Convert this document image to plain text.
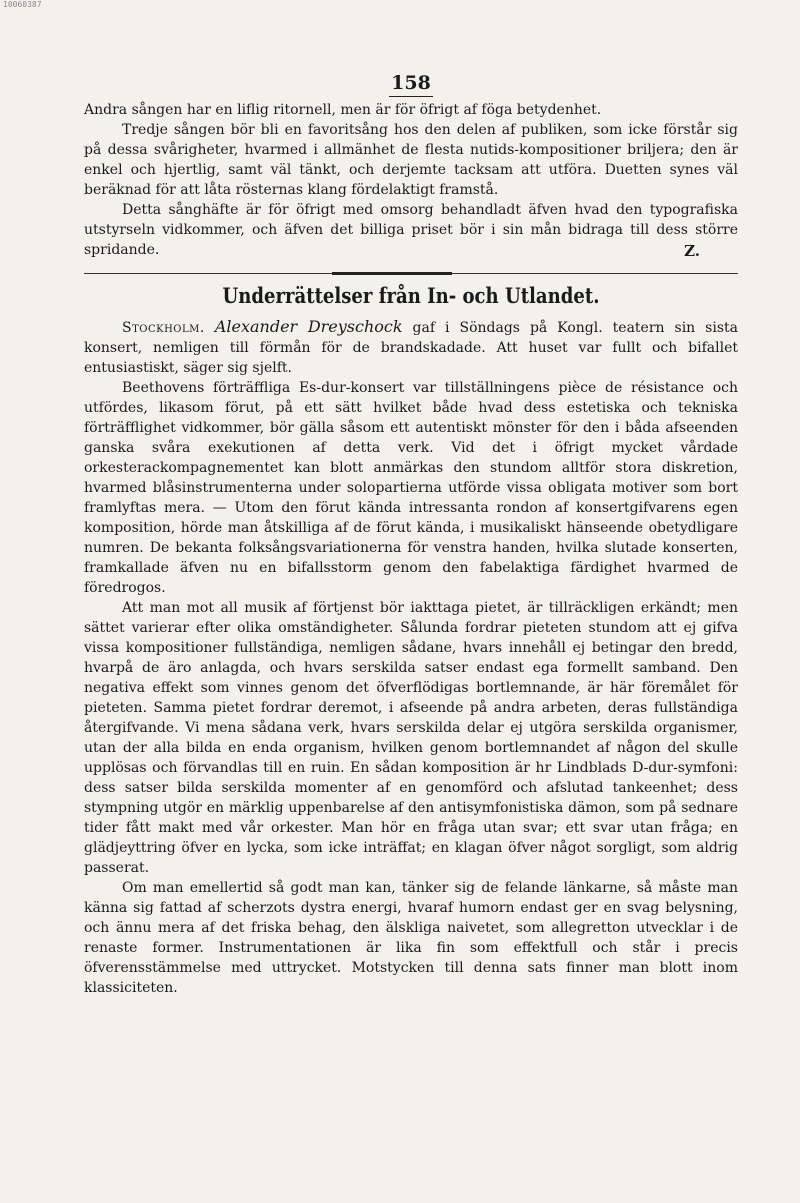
10060387
158

Andra sången har en liflig ritornell, men är för öfrigt af föga betydenhet.

Tredje sången bör bli en favoritsång hos den delen af publiken, som icke förstår sig på dessa svårigheter, hvarmed i allmänhet de flesta nutids-kompositioner briljera; den är enkel och hjertlig, samt väl tänkt, och derjemte tacksam att utföra. Duetten synes väl beräknad för att låta rösternas klang fördelaktigt framstå.

Detta sånghäfte är för öfrigt med omsorg behandladt äfven hvad den typografiska utstyrseln vidkommer, och äfven det billiga priset bör i sin mån bidraga till dess större spridande.	Z.
Underrättelser från In- och Utlandet.

Stockholm. Alexander Dreyschock gaf i Söndags på Kongl. teatern sin sista konsert, nemligen till förmån för de brandskadade. Att huset var fullt och bifallet entusiastiskt, säger sig sjelft.

Beethovens förträffliga Es-dur-konsert var tillställningens pièce de résistance och utfördes, likasom förut, på ett sätt hvilket både hvad dess estetiska och tekniska förträfflighet vidkommer, bör gälla såsom ett autentiskt mönster för den i båda afseenden ganska svåra exekutionen af detta verk. Vid det i öfrigt mycket vårdade orkesterackompagnementet kan blott anmärkas den stundom alltför stora diskretion, hvarmed blåsinstrumenterna under solopartierna utförde vissa obligata motiver som bort framlyftas mera. — Utom den förut kända intressanta rondon af konsertgifvarens egen komposition, hörde man åtskilliga af de förut kända, i musikaliskt hänseende obetydligare numren. De bekanta folksångsvariationerna för venstra handen, hvilka slutade konserten, framkallade äfven nu en bifallsstorm genom den fabelaktiga färdighet hvarmed de föredrogos.

Att man mot all musik af förtjenst bör iakttaga pietet, är tillräckligen erkändt; men sättet varierar efter olika omständigheter. Sålunda fordrar pieteten stundom att ej gifva vissa kompositioner fullständiga, nemligen sådane, hvars innehåll ej betingar den bredd, hvarpå de äro anlagda, och hvars serskilda satser endast ega formellt samband. Den negativa effekt som vinnes genom det öfverflödigas bortlemnande, är här föremålet för pieteten. Samma pietet fordrar deremot, i afseende på andra arbeten, deras fullständiga återgifvande. Vi mena sådana verk, hvars serskilda delar ej utgöra serskilda organismer, utan der alla bilda en enda organism, hvilken genom bortlemnandet af någon del skulle upplösas och förvandlas till en ruin. En sådan komposition är hr Lindblads D-dur-symfoni: dess satser bilda serskilda momenter af en genomförd och afslutad tankeenhet; dess stympning utgör en märklig uppenbarelse af den antisymfonistiska dämon, som på sednare tider fått makt med vår orkester. Man hör en fråga utan svar; ett svar utan fråga; en glädjeyttring öfver en lycka, som icke inträffat; en klagan öfver något sorgligt, som aldrig passerat.

Om man emellertid så godt man kan, tänker sig de felande länkarne, så måste man känna sig fattad af scherzots dystra energi, hvaraf humorn endast ger en svag belysning, och ännu mera af det friska behag, den älskliga naivetet, som allegretton utvecklar i de renaste former. Instrumentationen är lika fin som effektfull och står i precis öfverensstämmelse med uttrycket. Motstycken till denna sats finner man blott inom klassiciteten.
